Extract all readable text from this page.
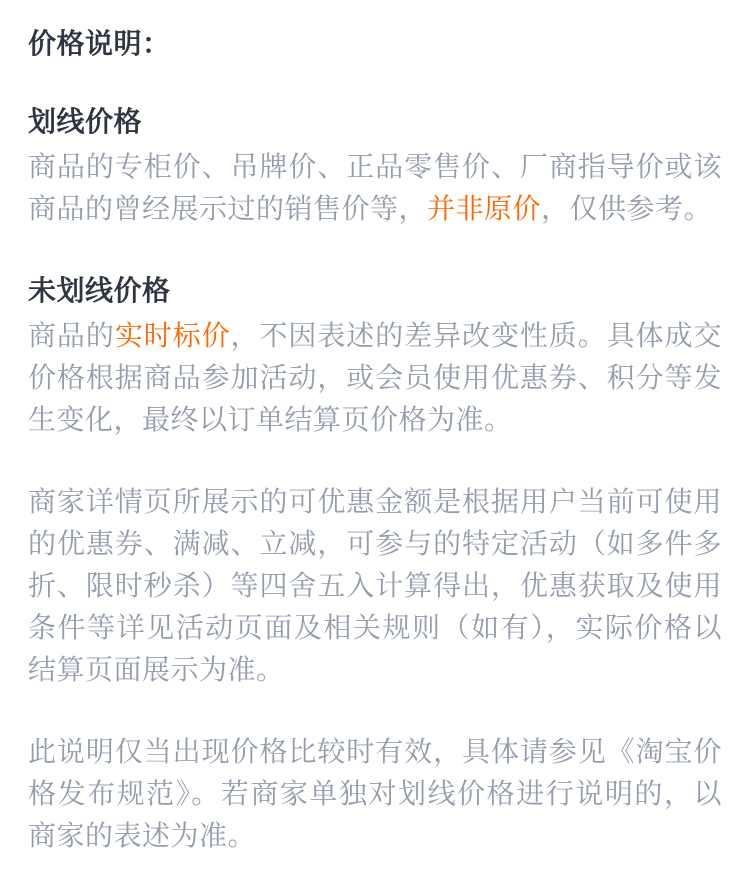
价格说明：
划线价格

商品的专柜价、吊牌价、正品零售价、厂商指导价或该商品的曾经展示过的销售价等，并非原价，仅供参考。

未划线价格

商品的实时标价，不因表述的差异改变性质。具体成交价格根据商品参加活动，或会员使用优惠券、积分等发生变化，最终以订单结算页价格为准。

商家详情页所展示的可优惠金额是根据用户当前可使用的优惠券、满减、立减，可参与的特定活动（如多件多折、限时秒杀）等四舍五入计算得出，优惠获取及使用条件等详见活动页面及相关规则（如有），实际价格以结算页面展示为准。

此说明仅当出现价格比较时有效，具体请参见《淘宝价格发布规范》。若商家单独对划线价格进行说明的，以商家的表述为准。
